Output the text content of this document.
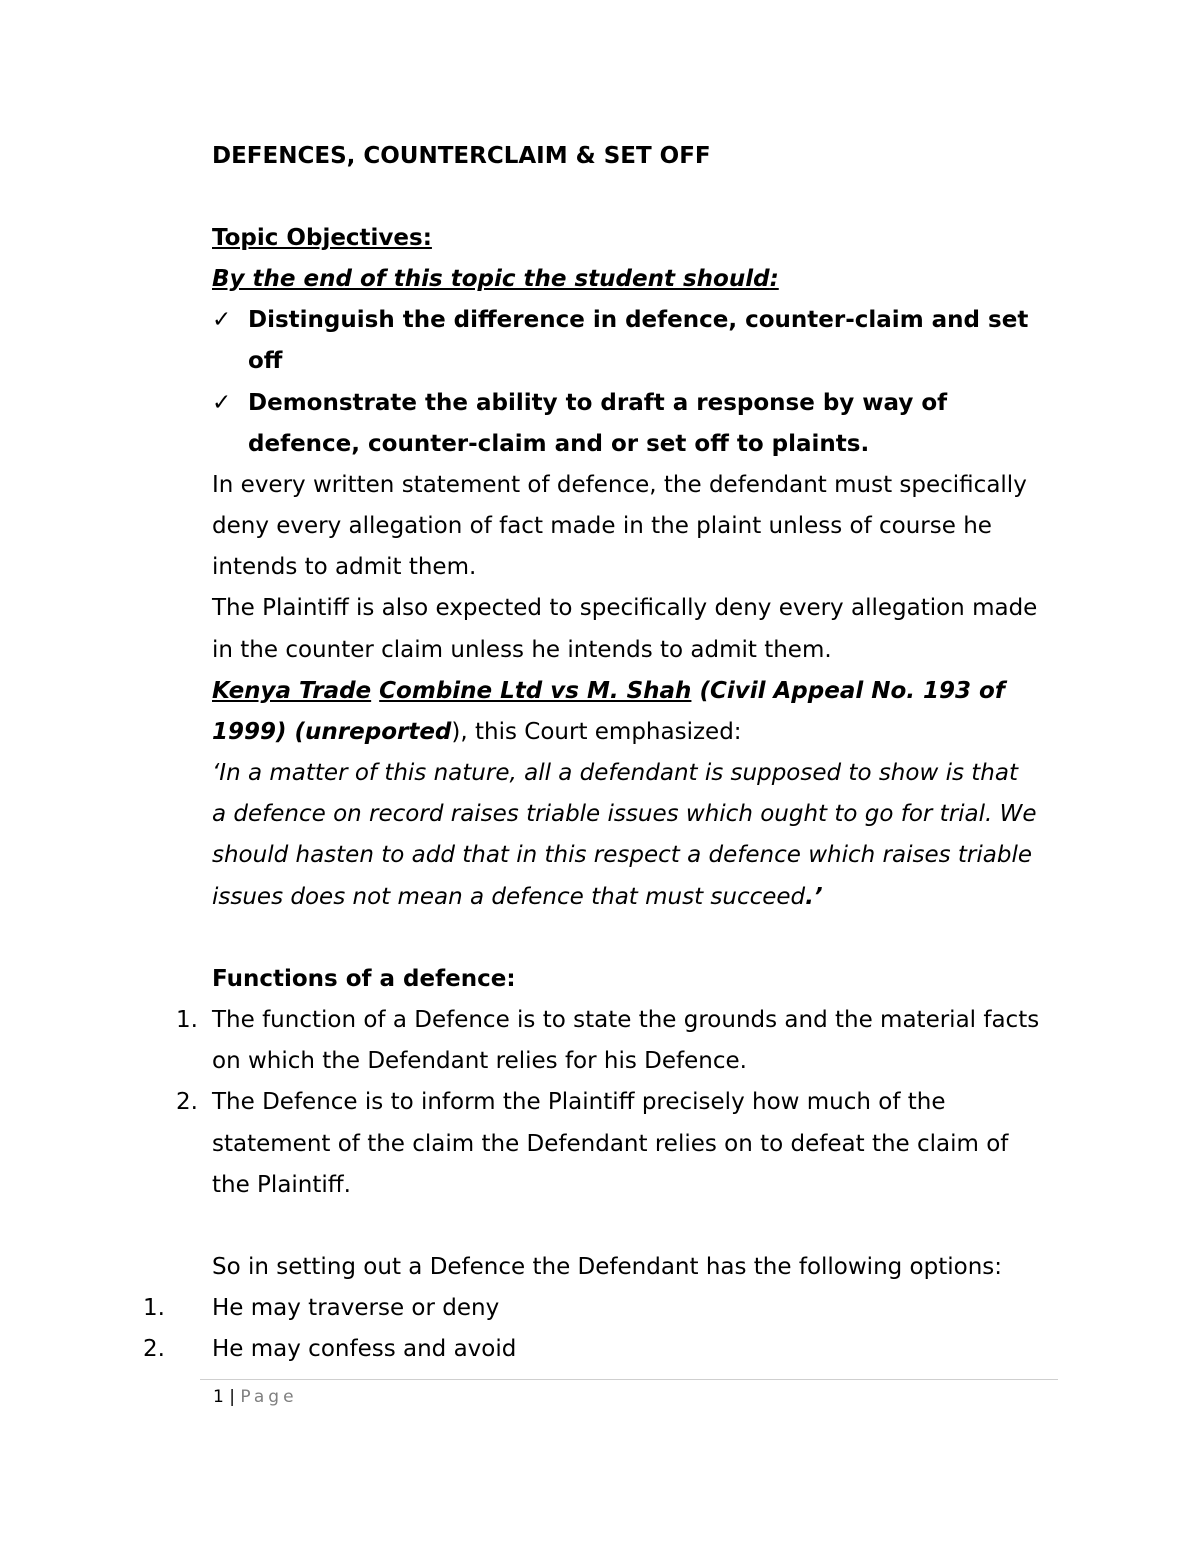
DEFENCES, COUNTERCLAIM & SET OFF
Topic Objectives:
By the end of this topic the student should:
✓ Distinguish the difference in defence, counter-claim and set
off
✓ Demonstrate the ability to draft a response by way of
defence, counter-claim and or set off to plaints.
In every written statement of defence, the defendant must specifically
deny every allegation of fact made in the plaint unless of course he
intends to admit them.
The Plaintiff is also expected to specifically deny every allegation made
in the counter claim unless he intends to admit them.
Kenya Trade Combine Ltd vs M. Shah (Civil Appeal No. 193 of
1999) (unreported), this Court emphasized:
‘In a matter of this nature, all a defendant is supposed to show is that
a defence on record raises triable issues which ought to go for trial. We
should hasten to add that in this respect a defence which raises triable
issues does not mean a defence that must succeed.’
Functions of a defence:
1. The function of a Defence is to state the grounds and the material facts
on which the Defendant relies for his Defence.
2. The Defence is to inform the Plaintiff precisely how much of the
statement of the claim the Defendant relies on to defeat the claim of
the Plaintiff.
So in setting out a Defence the Defendant has the following options:
1. He may traverse or deny
2. He may confess and avoid
1 | Page
